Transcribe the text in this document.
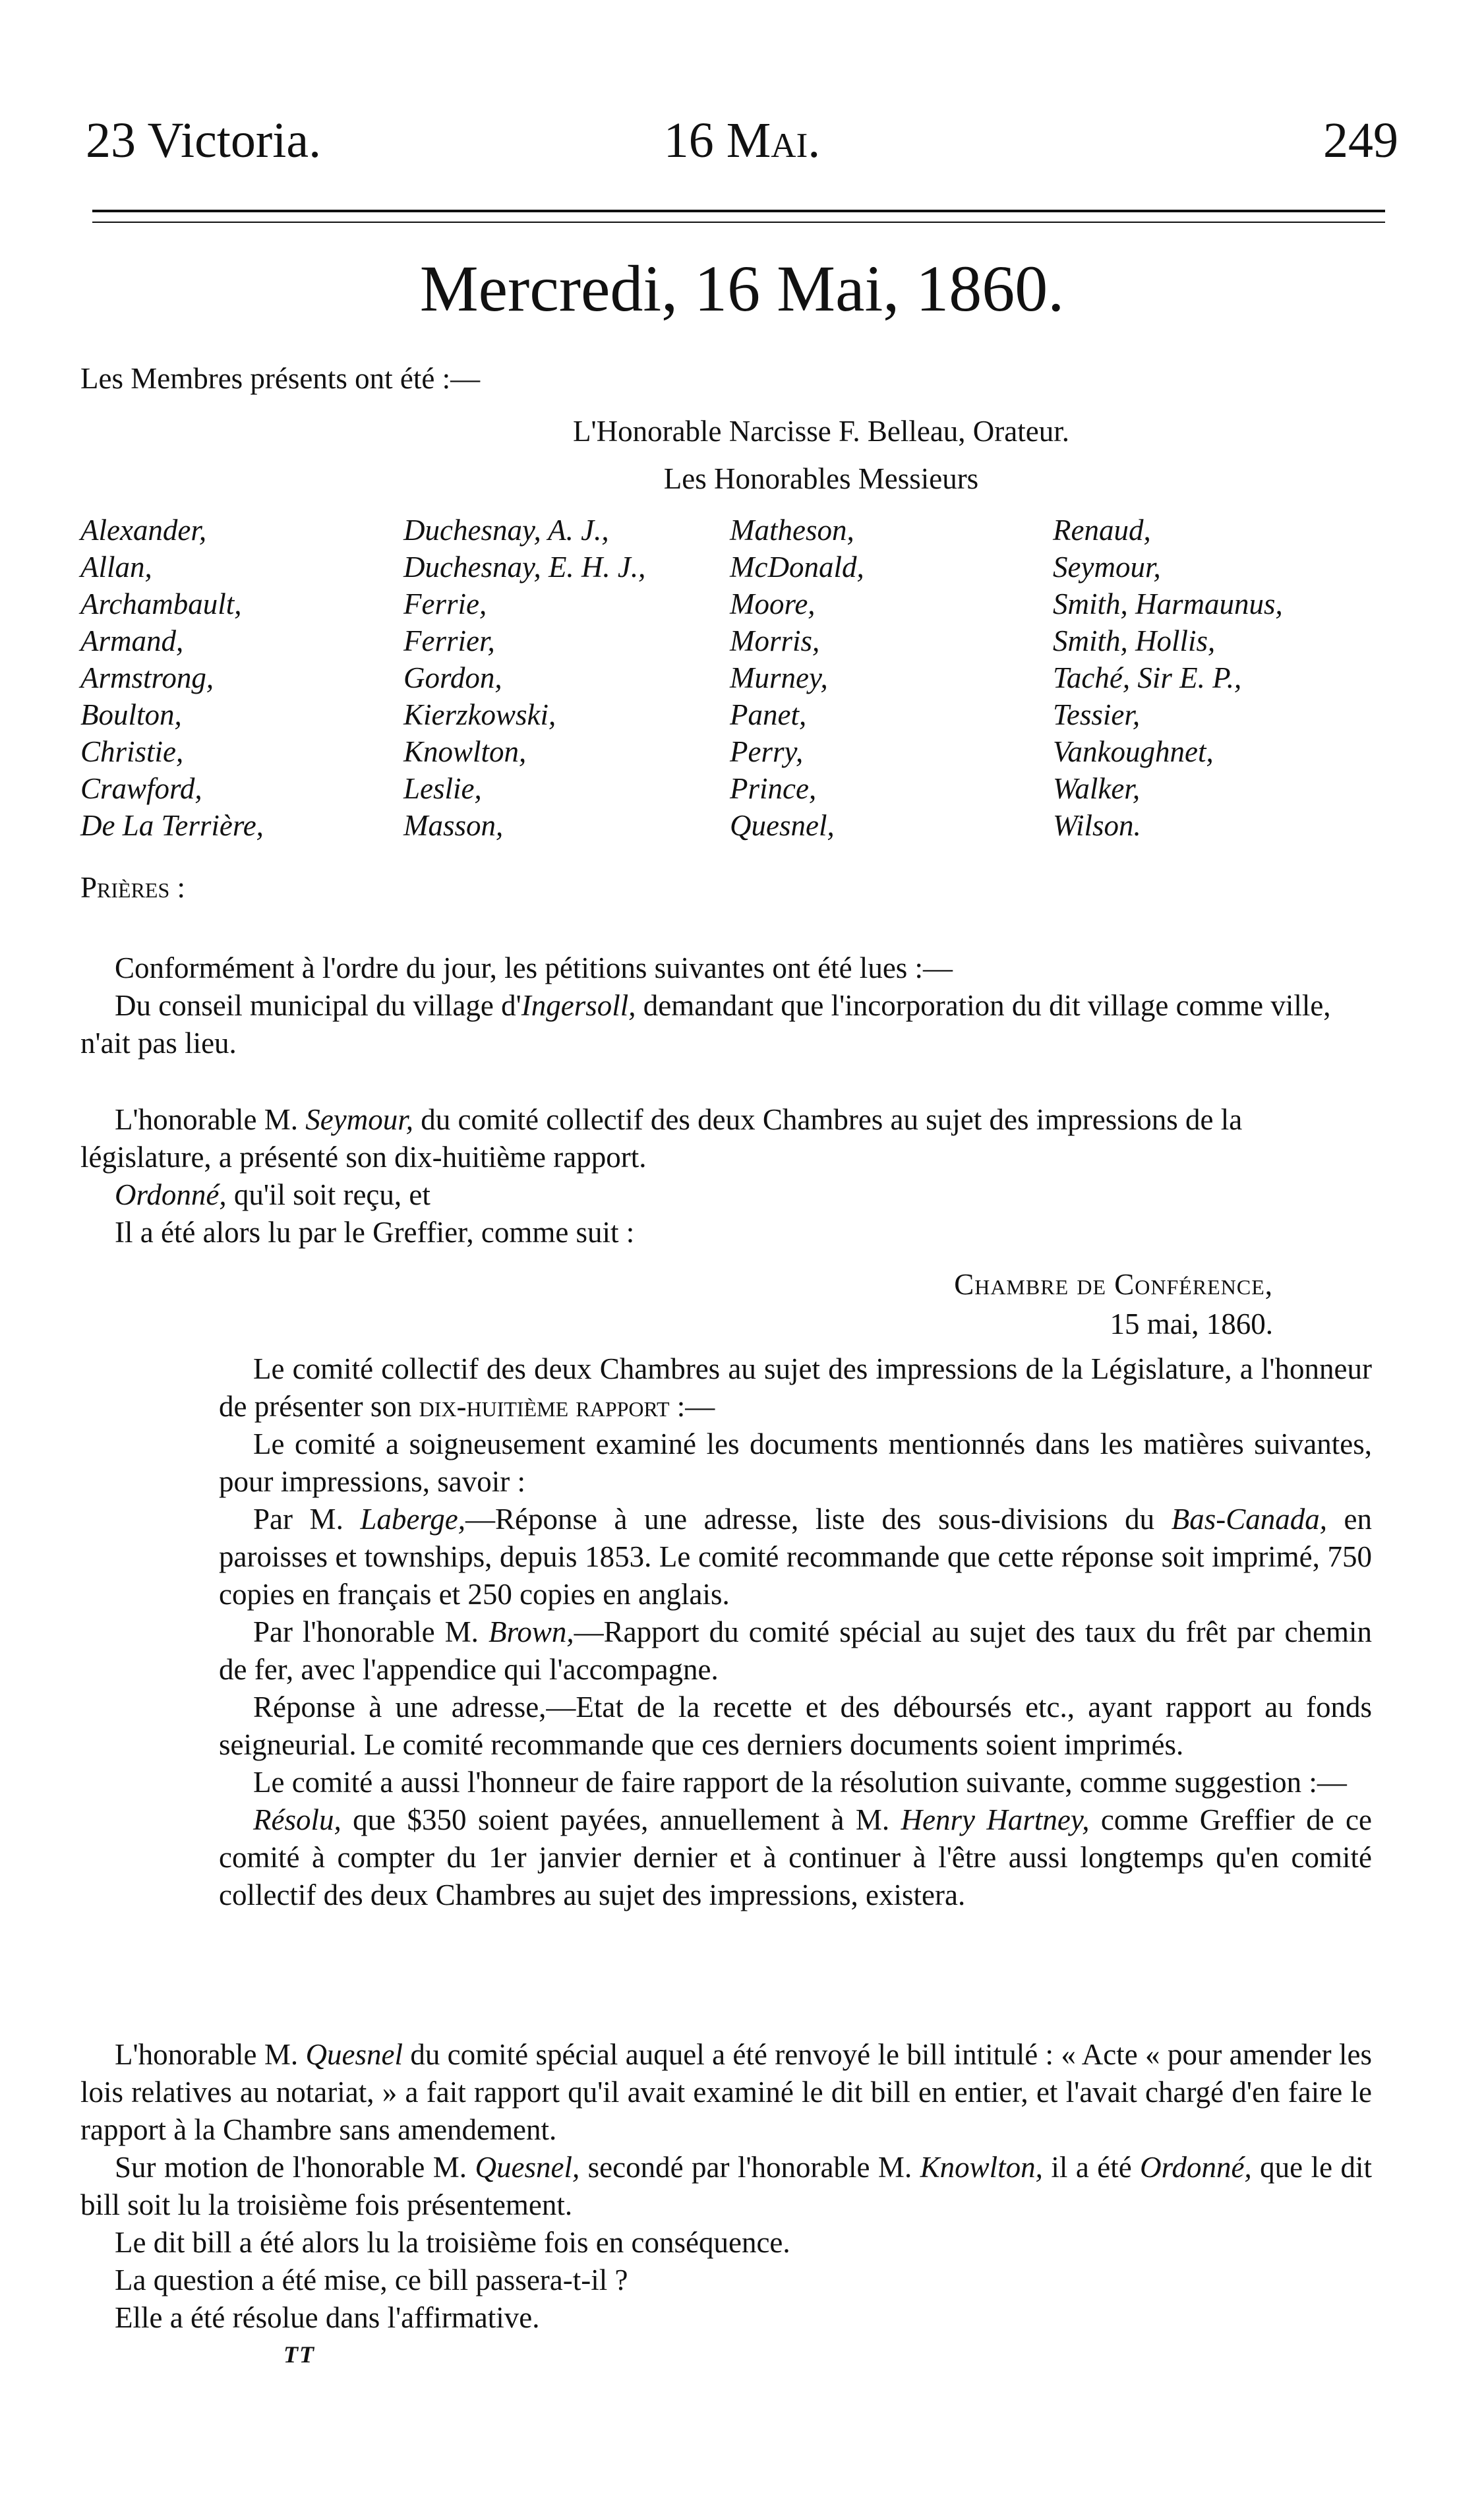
23 Victoria.	16 Mai.	249
Mercredi, 16 Mai, 1860.
Les Membres présents ont été :—
L'Honorable Narcisse F. Belleau, Orateur.
Les Honorables Messieurs
Alexander,
Allan,
Archambault,
Armand,
Armstrong,
Boulton,
Christie,
Crawford,
De La Terrière,
Duchesnay, A. J.,
Duchesnay, E. H. J.,
Ferrie,
Ferrier,
Gordon,
Kierzkowski,
Knowlton,
Leslie,
Masson,
Matheson,
McDonald,
Moore,
Morris,
Murney,
Panet,
Perry,
Prince,
Quesnel,
Renaud,
Seymour,
Smith, Harmaunus,
Smith, Hollis,
Taché, Sir E. P.,
Tessier,
Vankoughnet,
Walker,
Wilson.
Prières :

Conformément à l'ordre du jour, les pétitions suivantes ont été lues :—

Du conseil municipal du village d'Ingersoll, demandant que l'incorporation du dit village comme ville, n'ait pas lieu.

L'honorable M. Seymour, du comité collectif des deux Chambres au sujet des impressions de la législature, a présenté son dix-huitième rapport.

Ordonné, qu'il soit reçu, et

Il a été alors lu par le Greffier, comme suit :

Chambre de Conférence,
15 mai, 1860.

Le comité collectif des deux Chambres au sujet des impressions de la Législature, a l'honneur de présenter son dix-huitième rapport :—

Le comité a soigneusement examiné les documents mentionnés dans les matières suivantes, pour impressions, savoir :

Par M. Laberge,—Réponse à une adresse, liste des sous-divisions du Bas-Canada, en paroisses et townships, depuis 1853. Le comité recommande que cette réponse soit imprimé, 750 copies en français et 250 copies en anglais.

Par l'honorable M. Brown,—Rapport du comité spécial au sujet des taux du frêt par chemin de fer, avec l'appendice qui l'accompagne.

Réponse à une adresse,—Etat de la recette et des déboursés etc., ayant rapport au fonds seigneurial. Le comité recommande que ces derniers documents soient imprimés.

Le comité a aussi l'honneur de faire rapport de la résolution suivante, comme suggestion :—

Résolu, que $350 soient payées, annuellement à M. Henry Hartney, comme Greffier de ce comité à compter du 1er janvier dernier et à continuer à l'être aussi longtemps qu'en comité collectif des deux Chambres au sujet des impressions, existera.

L'honorable M. Quesnel du comité spécial auquel a été renvoyé le bill intitulé : « Acte « pour amender les lois relatives au notariat, » a fait rapport qu'il avait examiné le dit bill en entier, et l'avait chargé d'en faire le rapport à la Chambre sans amendement.

Sur motion de l'honorable M. Quesnel, secondé par l'honorable M. Knowlton, il a été Ordonné, que le dit bill soit lu la troisième fois présentement.

Le dit bill a été alors lu la troisième fois en conséquence.

La question a été mise, ce bill passera-t-il ?

Elle a été résolue dans l'affirmative.

TT
